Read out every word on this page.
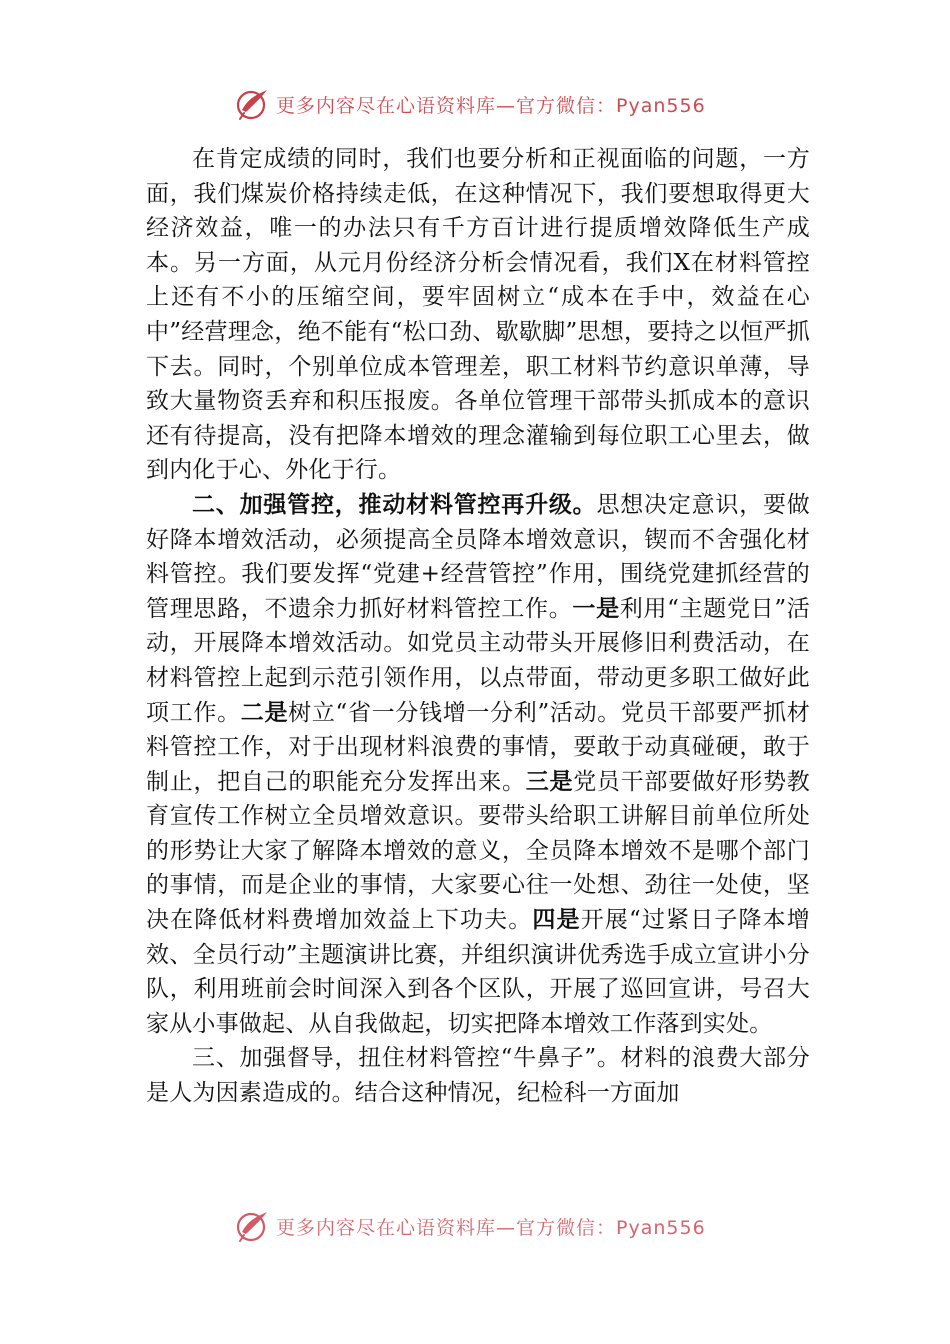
更多内容尽在心语资料库—官方微信：Pyan556

在肯定成绩的同时，我们也要分析和正视面临的问题，一方面，我们煤炭价格持续走低，在这种情况下，我们要想取得更大经济效益，唯一的办法只有千方百计进行提质增效降低生产成本。另一方面，从元月份经济分析会情况看，我们X在材料管控上还有不小的压缩空间，要牢固树立“成本在手中，效益在心中”经营理念，绝不能有“松口劲、歇歇脚”思想，要持之以恒严抓下去。同时，个别单位成本管理差，职工材料节约意识单薄，导致大量物资丢弃和积压报废。各单位管理干部带头抓成本的意识还有待提高，没有把降本增效的理念灌输到每位职工心里去，做到内化于心、外化于行。

二、加强管控，推动材料管控再升级。思想决定意识，要做好降本增效活动，必须提高全员降本增效意识，锲而不舍强化材料管控。我们要发挥“党建+经营管控”作用，围绕党建抓经营的管理思路，不遗余力抓好材料管控工作。一是利用“主题党日”活动，开展降本增效活动。如党员主动带头开展修旧利费活动，在材料管控上起到示范引领作用，以点带面，带动更多职工做好此项工作。二是树立“省一分钱增一分利”活动。党员干部要严抓材料管控工作，对于出现材料浪费的事情，要敢于动真碰硬，敢于制止，把自己的职能充分发挥出来。三是党员干部要做好形势教育宣传工作树立全员增效意识。要带头给职工讲解目前单位所处的形势让大家了解降本增效的意义，全员降本增效不是哪个部门的事情，而是企业的事情，大家要心往一处想、劲往一处使，坚决在降低材料费增加效益上下功夫。四是开展“过紧日子降本增效、全员行动”主题演讲比赛，并组织演讲优秀选手成立宣讲小分队，利用班前会时间深入到各个区队，开展了巡回宣讲，号召大家从小事做起、从自我做起，切实把降本增效工作落到实处。

三、加强督导，扭住材料管控“牛鼻子”。材料的浪费大部分是人为因素造成的。结合这种情况，纪检科一方面加

更多内容尽在心语资料库—官方微信：Pyan556
